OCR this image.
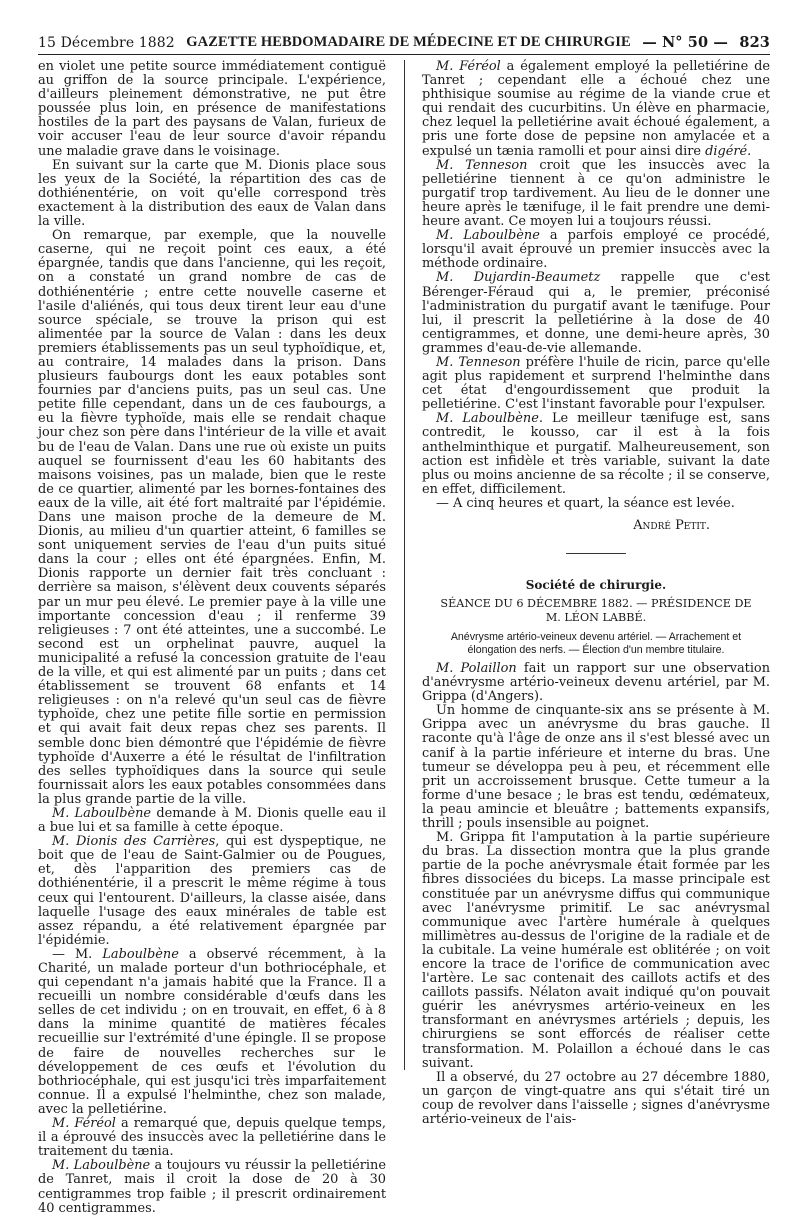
15 Décembre 1882 GAZETTE HEBDOMADAIRE DE MÉDECINE ET DE CHIRURGIE — N° 50 — 823

en violet une petite source immédiatement contiguë au griffon de la source principale. L'expérience, d'ailleurs pleinement démonstrative, ne put être poussée plus loin, en présence de manifestations hostiles de la part des paysans de Valan, furieux de voir accuser l'eau de leur source d'avoir répandu une maladie grave dans le voisinage.

En suivant sur la carte que M. Dionis place sous les yeux de la Société, la répartition des cas de dothiénentérie, on voit qu'elle correspond très exactement à la distribution des eaux de Valan dans la ville.

On remarque, par exemple, que la nouvelle caserne, qui ne reçoit point ces eaux, a été épargnée, tandis que dans l'ancienne, qui les reçoit, on a constaté un grand nombre de cas de dothiénentérie ; entre cette nouvelle caserne et l'asile d'aliénés, qui tous deux tirent leur eau d'une source spéciale, se trouve la prison qui est alimentée par la source de Valan : dans les deux premiers établissements pas un seul typhoïdique, et, au contraire, 14 malades dans la prison. Dans plusieurs faubourgs dont les eaux potables sont fournies par d'anciens puits, pas un seul cas. Une petite fille cependant, dans un de ces faubourgs, a eu la fièvre typhoïde, mais elle se rendait chaque jour chez son père dans l'intérieur de la ville et avait bu de l'eau de Valan. Dans une rue où existe un puits auquel se fournissent d'eau les 60 habitants des maisons voisines, pas un malade, bien que le reste de ce quartier, alimenté par les bornes-fontaines des eaux de la ville, ait été fort maltraité par l'épidémie. Dans une maison proche de la demeure de M. Dionis, au milieu d'un quartier atteint, 6 familles se sont uniquement servies de l'eau d'un puits situé dans la cour ; elles ont été épargnées. Enfin, M. Dionis rapporte un dernier fait très concluant : derrière sa maison, s'élèvent deux couvents séparés par un mur peu élevé. Le premier paye à la ville une importante concession d'eau ; il renferme 39 religieuses : 7 ont été atteintes, une a succombé. Le second est un orphelinat pauvre, auquel la municipalité a refusé la concession gratuite de l'eau de la ville, et qui est alimenté par un puits ; dans cet établissement se trouvent 68 enfants et 14 religieuses : on n'a relevé qu'un seul cas de fièvre typhoïde, chez une petite fille sortie en permission et qui avait fait deux repas chez ses parents. Il semble donc bien démontré que l'épidémie de fièvre typhoïde d'Auxerre a été le résultat de l'infiltration des selles typhoïdiques dans la source qui seule fournissait alors les eaux potables consommées dans la plus grande partie de la ville.

M. Laboulbène demande à M. Dionis quelle eau il a bue lui et sa famille à cette époque.

M. Dionis des Carrières, qui est dyspeptique, ne boit que de l'eau de Saint-Galmier ou de Pougues, et, dès l'apparition des premiers cas de dothiénentérie, il a prescrit le même régime à tous ceux qui l'entourent. D'ailleurs, la classe aisée, dans laquelle l'usage des eaux minérales de table est assez répandu, a été relativement épargnée par l'épidémie.

— M. Laboulbène a observé récemment, à la Charité, un malade porteur d'un bothriocéphale, et qui cependant n'a jamais habité que la France. Il a recueilli un nombre considérable d'œufs dans les selles de cet individu ; on en trouvait, en effet, 6 à 8 dans la minime quantité de matières fécales recueillie sur l'extrémité d'une épingle. Il se propose de faire de nouvelles recherches sur le développement de ces œufs et l'évolution du bothriocéphale, qui est jusqu'ici très imparfaitement connue. Il a expulsé l'helminthe, chez son malade, avec la pelletiérine.

M. Féréol a remarqué que, depuis quelque temps, il a éprouvé des insuccès avec la pelletiérine dans le traitement du tænia.

M. Laboulbène a toujours vu réussir la pelletiérine de Tanret, mais il croit la dose de 20 à 30 centigrammes trop faible ; il prescrit ordinairement 40 centigrammes.

M. Féréol a également employé la pelletiérine de Tanret ; cependant elle a échoué chez une phthisique soumise au régime de la viande crue et qui rendait des cucurbitins. Un élève en pharmacie, chez lequel la pelletiérine avait échoué également, a pris une forte dose de pepsine non amylacée et a expulsé un tænia ramolli et pour ainsi dire digéré.

M. Tenneson croit que les insuccès avec la pelletiérine tiennent à ce qu'on administre le purgatif trop tardivement. Au lieu de le donner une heure après le tænifuge, il le fait prendre une demi-heure avant. Ce moyen lui a toujours réussi.

M. Laboulbène a parfois employé ce procédé, lorsqu'il avait éprouvé un premier insuccès avec la méthode ordinaire.

M. Dujardin-Beaumetz rappelle que c'est Bérenger-Féraud qui a, le premier, préconisé l'administration du purgatif avant le tænifuge. Pour lui, il prescrit la pelletiérine à la dose de 40 centigrammes, et donne, une demi-heure après, 30 grammes d'eau-de-vie allemande.

M. Tenneson préfère l'huile de ricin, parce qu'elle agit plus rapidement et surprend l'helminthe dans cet état d'engourdissement que produit la pelletiérine. C'est l'instant favorable pour l'expulser.

M. Laboulbène. Le meilleur tænifuge est, sans contredit, le kousso, car il est à la fois anthelminthique et purgatif. Malheureusement, son action est infidèle et très variable, suivant la date plus ou moins ancienne de sa récolte ; il se conserve, en effet, difficilement.

— A cinq heures et quart, la séance est levée.

André Petit.

Société de chirurgie.

SÉANCE DU 6 DÉCEMBRE 1882. — PRÉSIDENCE DE

M. LÉON LABBÉ.

Anévrysme artério-veineux devenu artériel. — Arrachement et élongation des nerfs. — Élection d'un membre titulaire.

M. Polaillon fait un rapport sur une observation d'anévrysme artério-veineux devenu artériel, par M. Grippa (d'Angers).

Un homme de cinquante-six ans se présente à M. Grippa avec un anévrysme du bras gauche. Il raconte qu'à l'âge de onze ans il s'est blessé avec un canif à la partie inférieure et interne du bras. Une tumeur se développa peu à peu, et récemment elle prit un accroissement brusque. Cette tumeur a la forme d'une besace ; le bras est tendu, œdémateux, la peau amincie et bleuâtre ; battements expansifs, thrill ; pouls insensible au poignet.

M. Grippa fit l'amputation à la partie supérieure du bras. La dissection montra que la plus grande partie de la poche anévrysmale était formée par les fibres dissociées du biceps. La masse principale est constituée par un anévrysme diffus qui communique avec l'anévrysme primitif. Le sac anévrysmal communique avec l'artère humérale à quelques millimètres au-dessus de l'origine de la radiale et de la cubitale. La veine humérale est oblitérée ; on voit encore la trace de l'orifice de communication avec l'artère. Le sac contenait des caillots actifs et des caillots passifs. Nélaton avait indiqué qu'on pouvait guérir les anévrysmes artério-veineux en les transformant en anévrysmes artériels ; depuis, les chirurgiens se sont efforcés de réaliser cette transformation. M. Polaillon a échoué dans le cas suivant.

Il a observé, du 27 octobre au 27 décembre 1880, un garçon de vingt-quatre ans qui s'était tiré un coup de revolver dans l'aisselle ; signes d'anévrysme artério-veineux de l'ais-
